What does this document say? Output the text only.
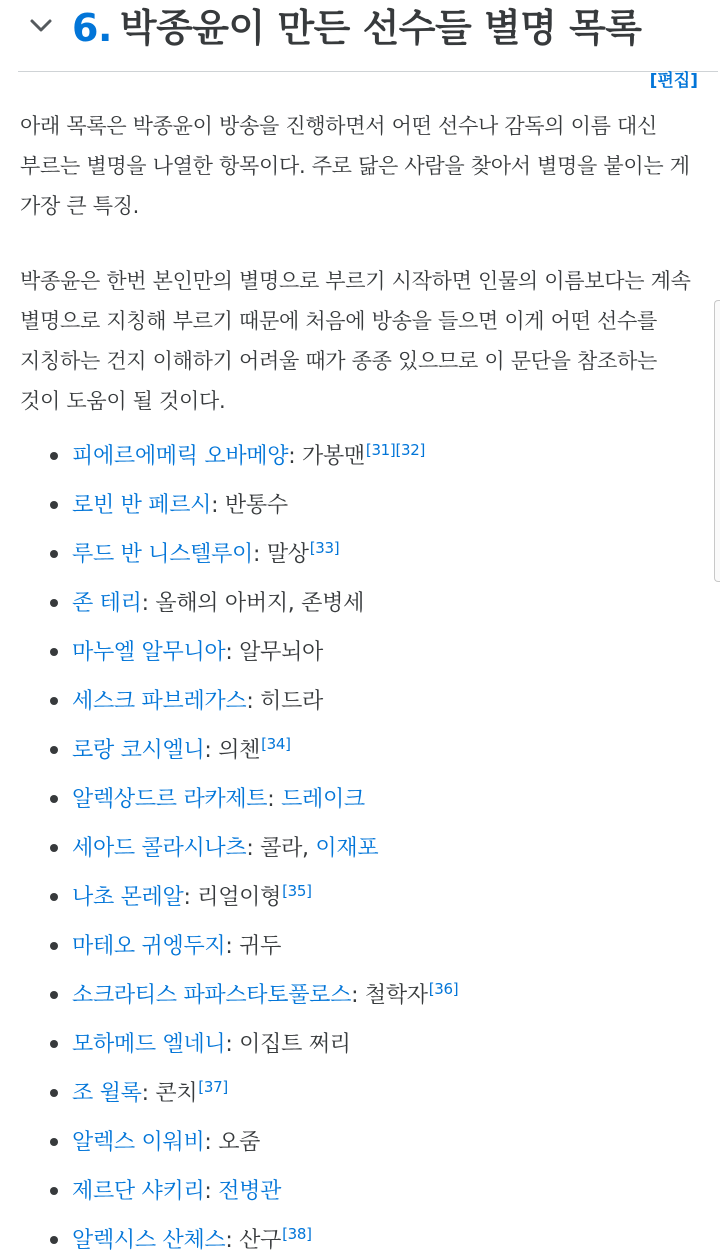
6. 박종윤이 만든 선수들 별명 목록
[편집]

아래 목록은 박종윤이 방송을 진행하면서 어떤 선수나 감독의 이름 대신 부르는 별명을 나열한 항목이다. 주로 닮은 사람을 찾아서 별명을 붙이는 게 가장 큰 특징.

박종윤은 한번 본인만의 별명으로 부르기 시작하면 인물의 이름보다는 계속 별명으로 지칭해 부르기 때문에 처음에 방송을 들으면 이게 어떤 선수를 지칭하는 건지 이해하기 어려울 때가 종종 있으므로 이 문단을 참조하는 것이 도움이 될 것이다.

피에르에메릭 오바메양: 가봉맨[31][32]
로빈 반 페르시: 반통수
루드 반 니스텔루이: 말상[33]
존 테리: 올해의 아버지, 존병세
마누엘 알무니아: 알무뇌아
세스크 파브레가스: 히드라
로랑 코시엘니: 의첸[34]
알렉상드르 라카제트: 드레이크
세아드 콜라시나츠: 콜라, 이재포
나초 몬레알: 리얼이형[35]
마테오 귀엥두지: 귀두
소크라티스 파파스타토풀로스: 철학자[36]
모하메드 엘네니: 이집트 쩌리
조 윌록: 콘치[37]
알렉스 이워비: 오줌
제르단 샤키리: 전병관
알렉시스 산체스: 산구[38]
